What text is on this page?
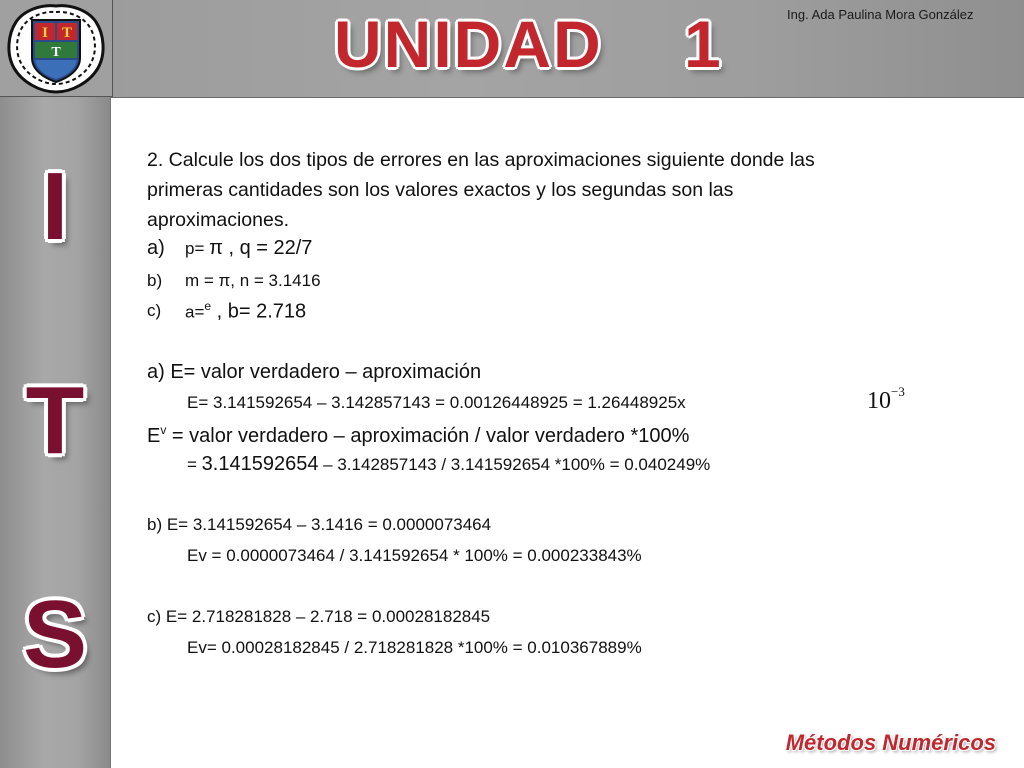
I T
T	UNIDAD    1	Ing. Ada Paulina Mora González
I
T
S
2. Calcule los dos tipos de errores en las aproximaciones siguiente donde las
primeras cantidades son los valores exactos y los segundas son las
aproximaciones.
a) p= π , q = 22/7
b) m = π, n = 3.1416
c) a=$^e$ , b= 2.718
a) E= valor verdadero – aproximación
E= 3.141592654 – 3.142857143 = 0.00126448925 = 1.26448925x
$E^v$ = valor verdadero – aproximación / valor verdadero *100%
= 3.141592654 – 3.142857143 / 3.141592654 *100% = 0.040249%
b) E= 3.141592654 – 3.1416 = 0.0000073464
Ev = 0.0000073464 / 3.141592654 * 100% = 0.000233843%
c) E= 2.718281828 – 2.718 = 0.00028182845
Ev= 0.00028182845 / 2.718281828 *100% = 0.010367889%
$10^{-3}$
Métodos Numéricos
